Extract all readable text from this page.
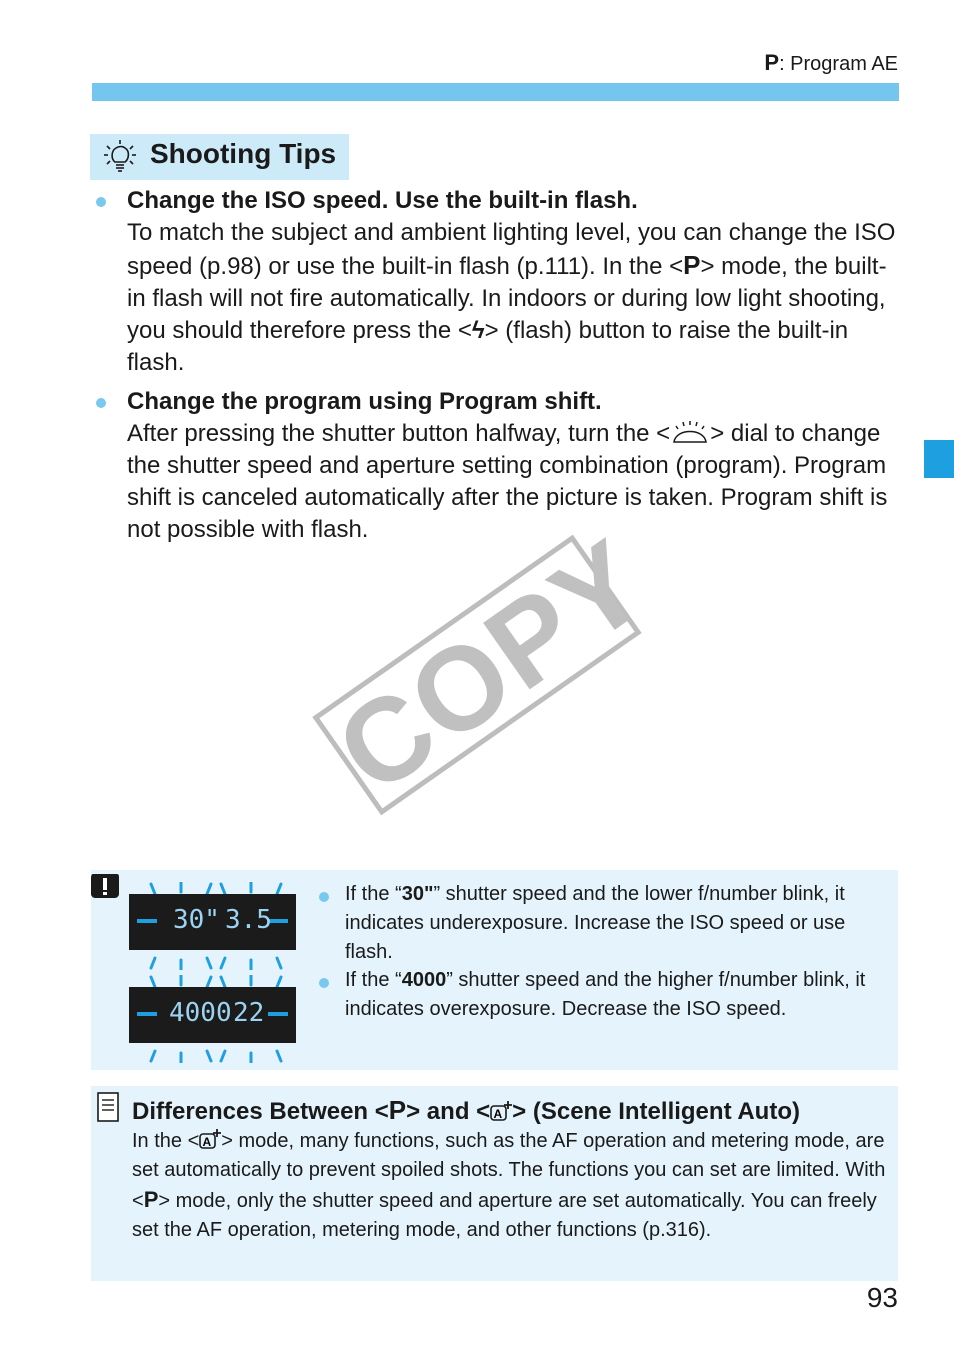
P: Program AE
Shooting Tips
Change the ISO speed. Use the built-in flash.
To match the subject and ambient lighting level, you can change the ISO speed (p.98) or use the built-in flash (p.111). In the <P> mode, the built-in flash will not fire automatically. In indoors or during low light shooting, you should therefore press the <ϟ> (flash) button to raise the built-in flash.
Change the program using Program shift.
After pressing the shutter button halfway, turn the < > dial to change the shutter speed and aperture setting combination (program). Program shift is canceled automatically after the picture is taken. Program shift is not possible with flash.
COPY
30" 3.5
4000 22
If the “30"” shutter speed and the lower f/number blink, it indicates underexposure. Increase the ISO speed or use flash.
If the “4000” shutter speed and the higher f/number blink, it indicates overexposure. Decrease the ISO speed.
Differences Between <P> and < A > (Scene Intelligent Auto)
In the < A > mode, many functions, such as the AF operation and metering mode, are set automatically to prevent spoiled shots. The functions you can set are limited. With <P> mode, only the shutter speed and aperture are set automatically. You can freely set the AF operation, metering mode, and other functions (p.316).
93
